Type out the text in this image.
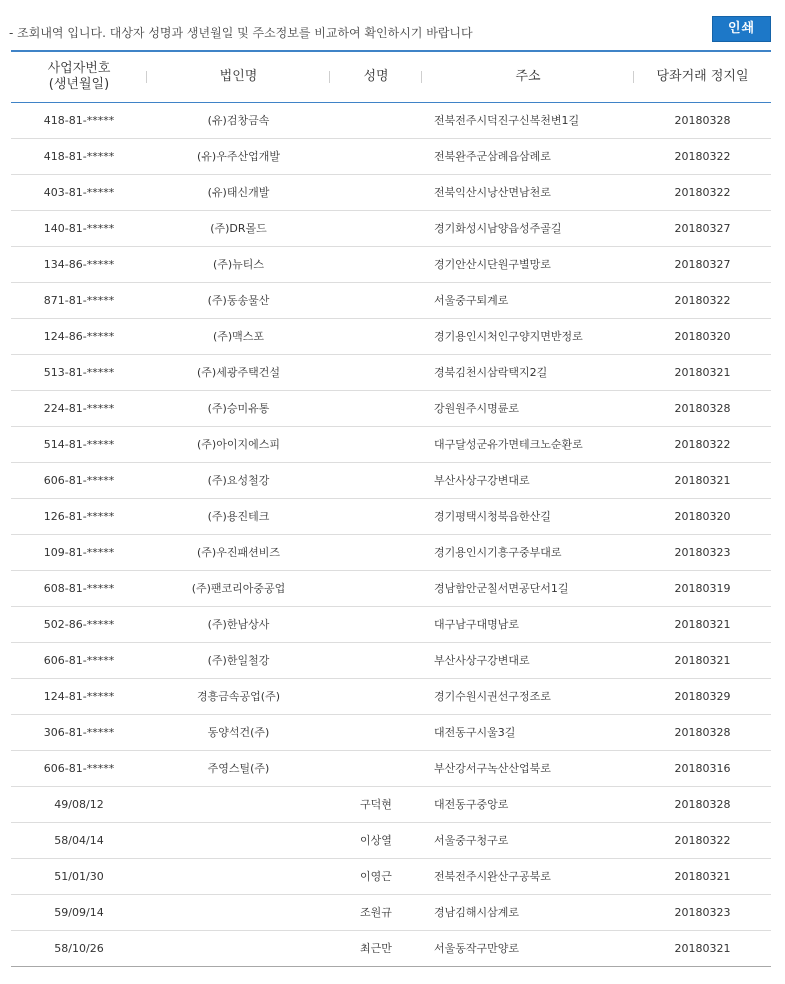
- 조회내역 입니다. 대상자 성명과 생년월일 및 주소정보를 비교하여 확인하시기 바랍니다	인쇄
사업자번호
(생년월일)	법인명	성명	주소	당좌거래 정지일
418-81-*****	(유)검창금속		전북전주시덕진구신복천변1길	20180328
418-81-*****	(유)우주산업개발		전북완주군삼례읍삼례로	20180322
403-81-*****	(유)태신개발		전북익산시낭산면남천로	20180322
140-81-*****	(주)DR몰드		경기화성시남양읍성주골길	20180327
134-86-*****	(주)뉴티스		경기안산시단원구별망로	20180327
871-81-*****	(주)동송물산		서울중구퇴계로	20180322
124-86-*****	(주)맥스포		경기용인시처인구양지면반정로	20180320
513-81-*****	(주)세광주택건설		경북김천시삼락택지2길	20180321
224-81-*****	(주)승미유통		강원원주시명륜로	20180328
514-81-*****	(주)아이지에스피		대구달성군유가면테크노순환로	20180322
606-81-*****	(주)요성철강		부산사상구강변대로	20180321
126-81-*****	(주)용진테크		경기평택시청북읍한산길	20180320
109-81-*****	(주)우진패션비즈		경기용인시기흥구중부대로	20180323
608-81-*****	(주)팬코리아중공업		경남함안군칠서면공단서1길	20180319
502-86-*****	(주)한남상사		대구남구대명남로	20180321
606-81-*****	(주)한일철강		부산사상구강변대로	20180321
124-81-*****	경흥금속공업(주)		경기수원시권선구정조로	20180329
306-81-*****	동양석건(주)		대전동구시울3길	20180328
606-81-*****	주영스틸(주)		부산강서구녹산산업북로	20180316
49/08/12		구덕현	대전동구중앙로	20180328
58/04/14		이상열	서울중구청구로	20180322
51/01/30		이영근	전북전주시완산구공북로	20180321
59/09/14		조원규	경남김해시삼계로	20180323
58/10/26		최근만	서울동작구만양로	20180321
